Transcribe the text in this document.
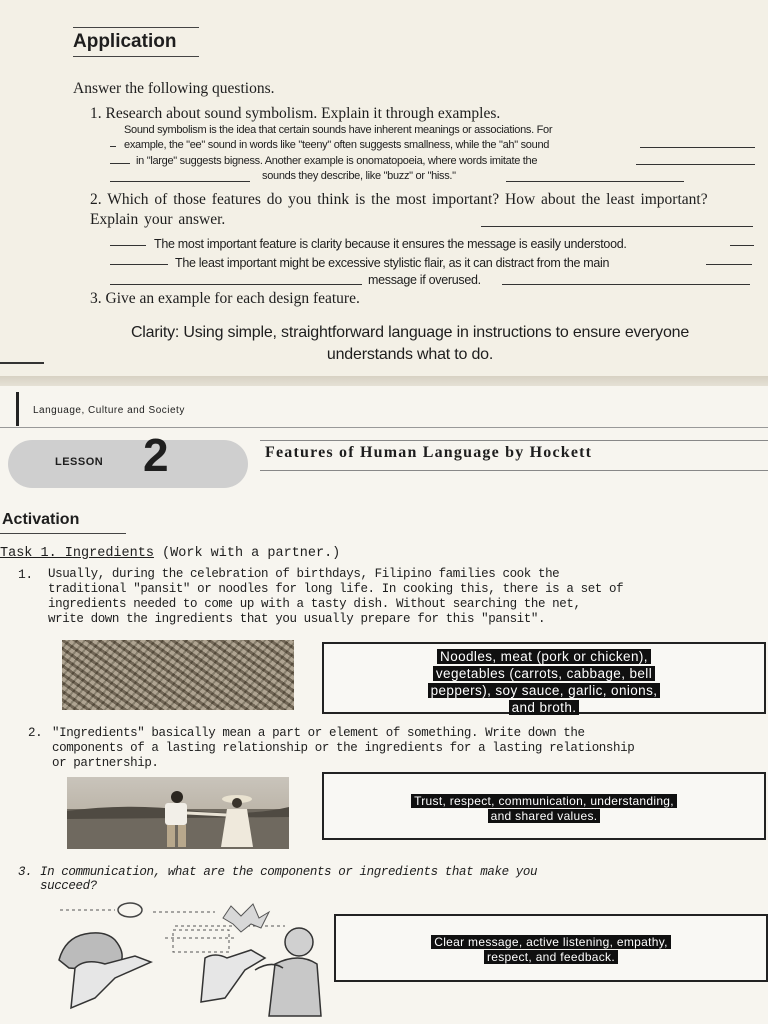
Application
Answer the following questions.
1. Research about sound symbolism. Explain it through examples.
Sound symbolism is the idea that certain sounds have inherent meanings or associations. For
example, the "ee" sound in words like "teeny" often suggests smallness, while the "ah" sound
in "large" suggests bigness. Another example is onomatopoeia, where words imitate the
sounds they describe, like "buzz" or "hiss."
2. Which of those features do you think is the most important? How about the least important? Explain your answer.
The most important feature is clarity because it ensures the message is easily understood.
The least important might be excessive stylistic flair, as it can distract from the main
message if overused.
3. Give an example for each design feature.
Clarity: Using simple, straightforward language in instructions to ensure everyone
understands what to do.
Language, Culture and Society
LESSON 2	Features of Human Language by Hockett
Activation
Task 1. Ingredients (Work with a partner.)
1. Usually, during the celebration of birthdays, Filipino families cook the
traditional "pansit" or noodles for long life. In cooking this, there is a set of
ingredients needed to come up with a tasty dish. Without searching the net,
write down the ingredients that you usually prepare for this "pansit".
Noodles, meat (pork or chicken),
vegetables (carrots, cabbage, bell
peppers), soy sauce, garlic, onions,
and broth.
2. "Ingredients" basically mean a part or element of something. Write down the
components of a lasting relationship or the ingredients for a lasting relationship
or partnership.
Trust, respect, communication, understanding,
and shared values.
3. In communication, what are the components or ingredients that make you
succeed?
Clear message, active listening, empathy,
respect, and feedback.
